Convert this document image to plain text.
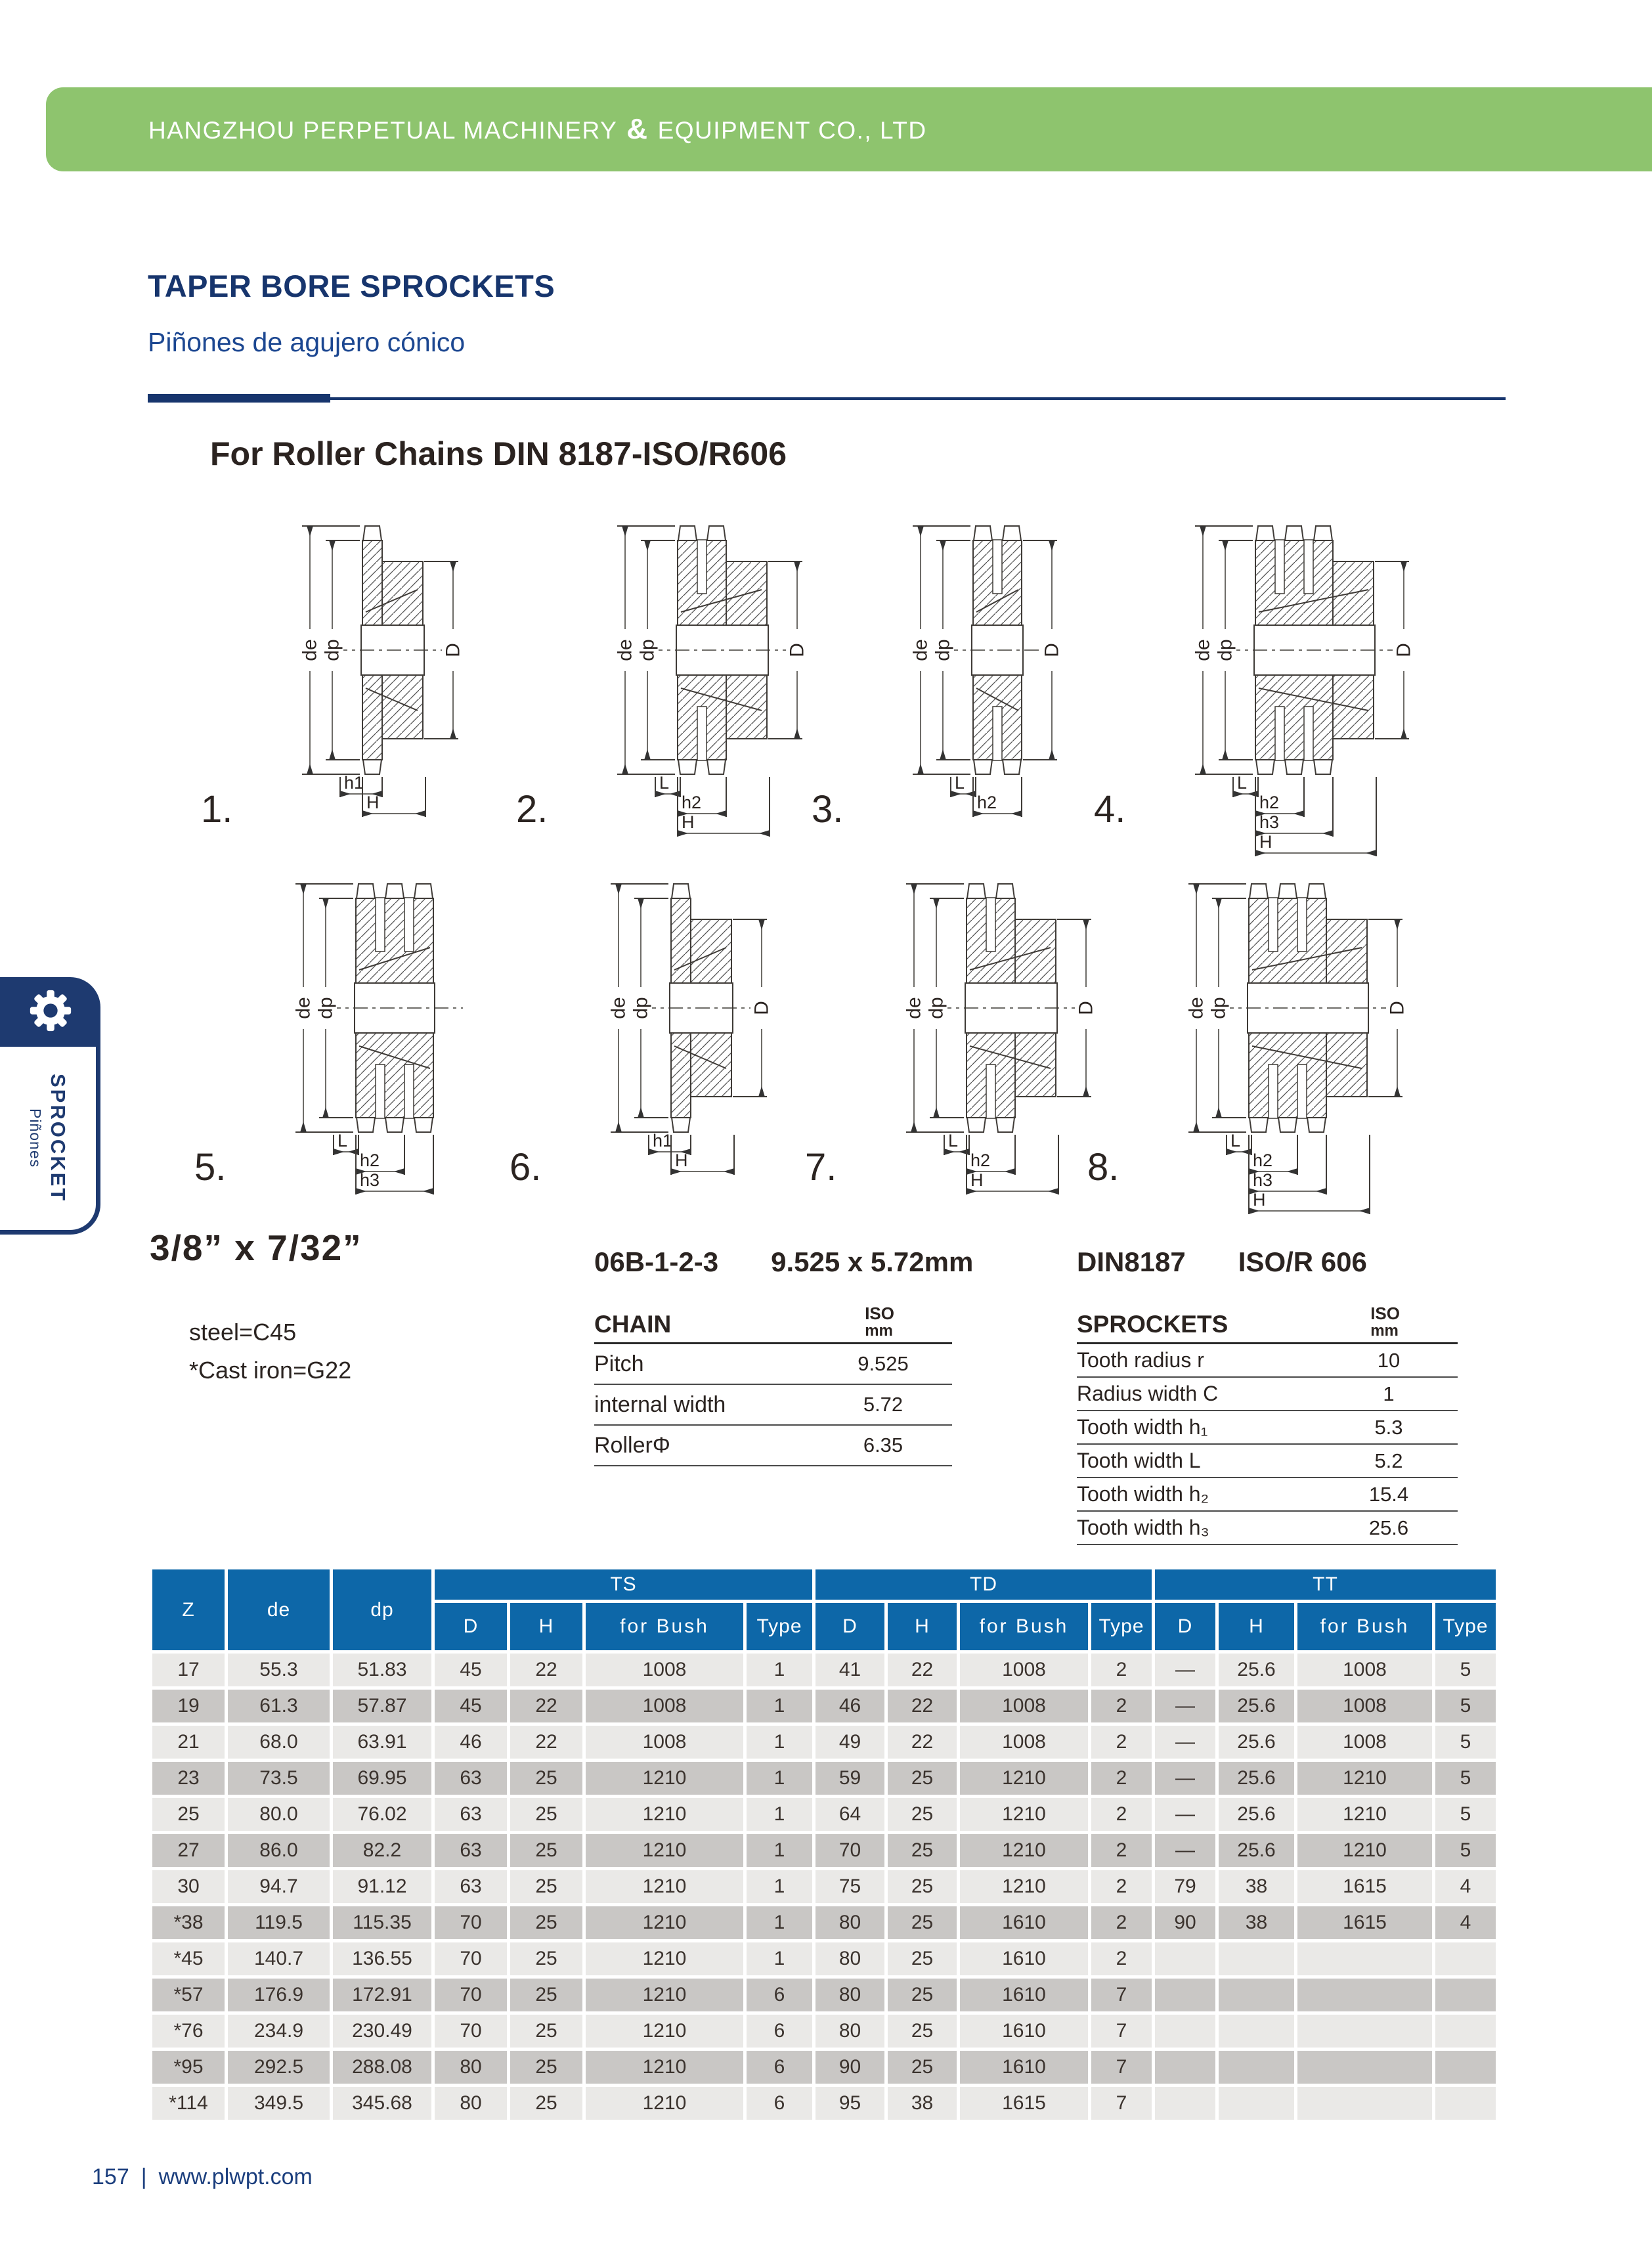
HANGZHOU PERPETUAL MACHINERY & EQUIPMENT CO., LTD
TAPER BORE SPROCKETS
Piñones de agujero cónico
For Roller Chains DIN 8187-ISO/R606
de dp	D
h1
H
1.
de dp	D
L
h2
H
2.
de dp	D
L
h2
3.
de dp	D
L
h2
h3
H
4.
de dp
L
h2
h3
5.
de dp	D
h1
H
6.
de dp	D
L
h2
H
7.
de dp	D
L
h2
h3
H
8.
SPROCKET
Piñones
3/8” x 7/32”
steel=C45
*Cast iron=G22
06B-1-2-3 9.525 x 5.72mm	DIN8187 ISO/R 606
CHAIN	ISO
mm
Pitch	9.525
internal width	5.72
RollerΦ	6.35
SPROCKETS	ISO
mm
Tooth radius r	10
Radius width C	1
Tooth width h₁	5.3
Tooth width L	5.2
Tooth width h₂	15.4
Tooth width h₃	25.6
Z	de	dp
TS	TD	TT
D	H	for Bush	Type	D	H	for Bush	Type	D	H	for Bush	Type
17	55.3	51.83	45	22	1008	1	41	22	1008	2	—	25.6	1008	5
19	61.3	57.87	45	22	1008	1	46	22	1008	2	—	25.6	1008	5
21	68.0	63.91	46	22	1008	1	49	22	1008	2	—	25.6	1008	5
23	73.5	69.95	63	25	1210	1	59	25	1210	2	—	25.6	1210	5
25	80.0	76.02	63	25	1210	1	64	25	1210	2	—	25.6	1210	5
27	86.0	82.2	63	25	1210	1	70	25	1210	2	—	25.6	1210	5
30	94.7	91.12	63	25	1210	1	75	25	1210	2	79	38	1615	4
*38	119.5	115.35	70	25	1210	1	80	25	1610	2	90	38	1615	4
*45	140.7	136.55	70	25	1210	1	80	25	1610	2
*57	176.9	172.91	70	25	1210	6	80	25	1610	7
*76	234.9	230.49	70	25	1210	6	80	25	1610	7
*95	292.5	288.08	80	25	1210	6	90	25	1610	7
*114	349.5	345.68	80	25	1210	6	95	38	1615	7
157 | www.plwpt.com
